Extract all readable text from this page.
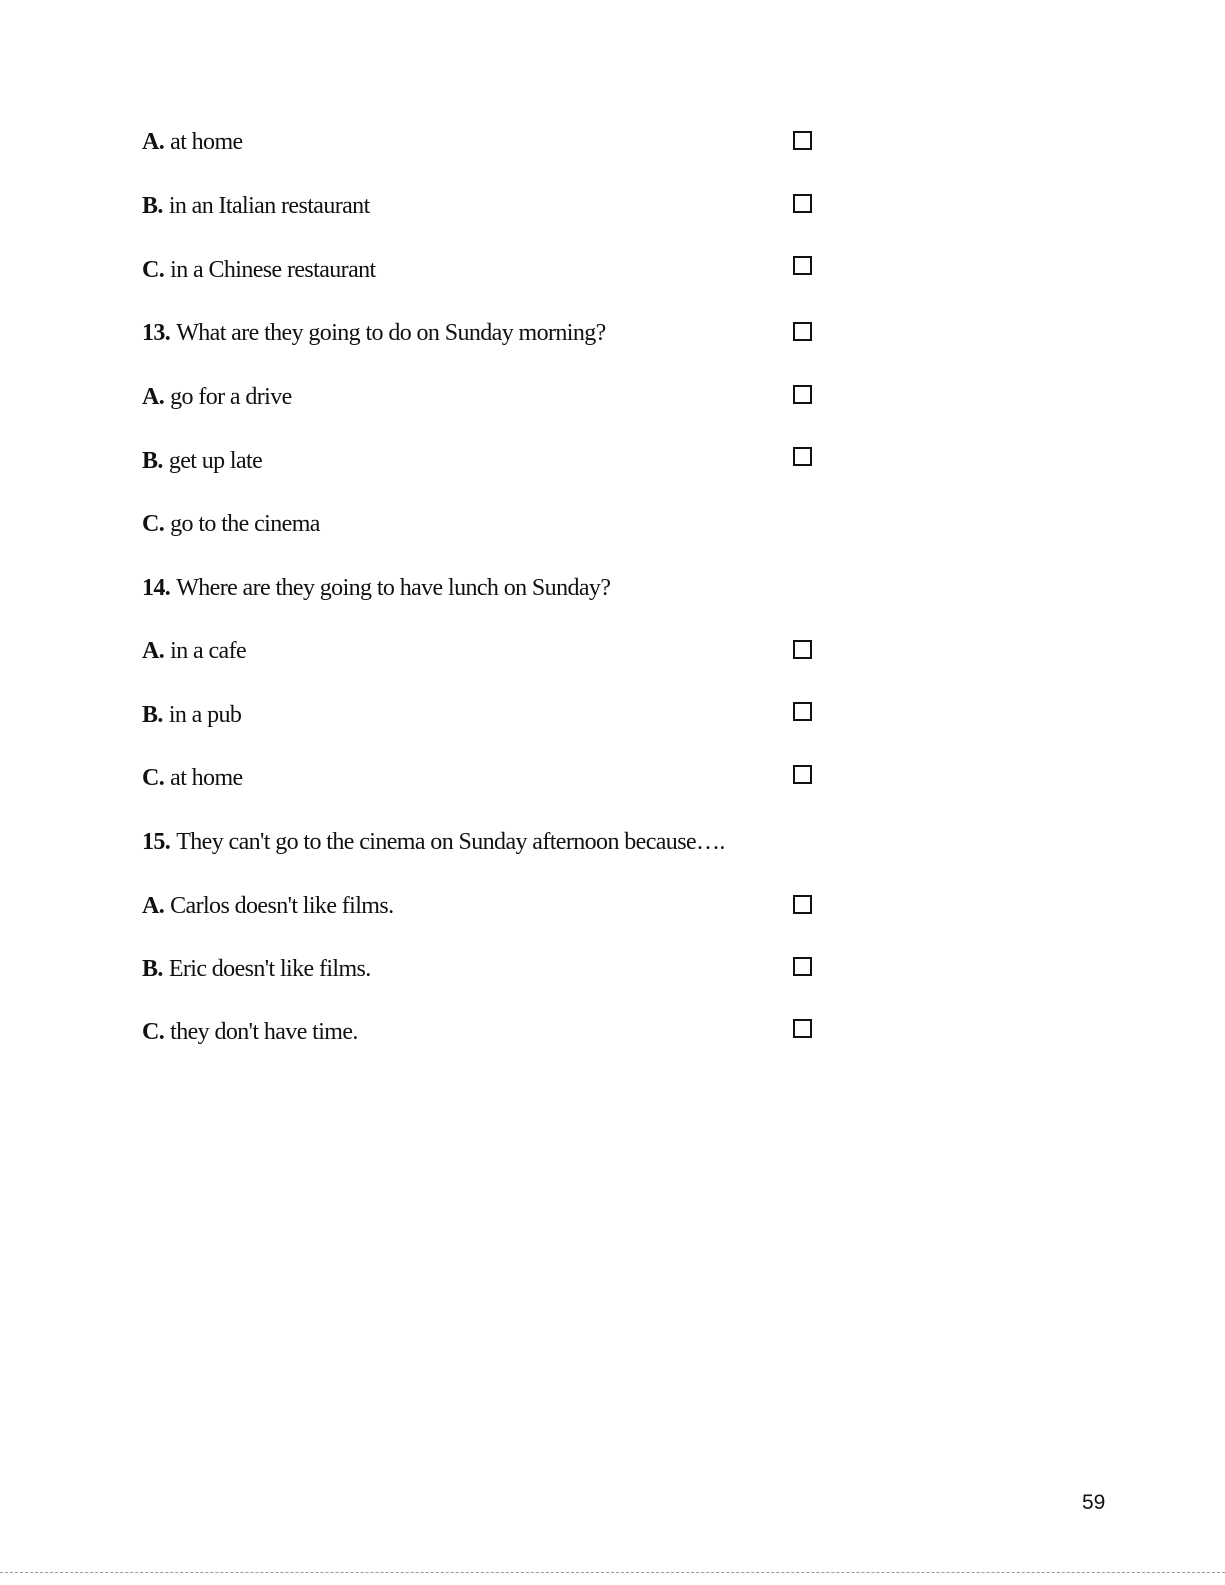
A. at home
B. in an Italian restaurant
C. in a Chinese restaurant
13. What are they going to do on Sunday morning?
A. go for a drive
B. get up late
C. go to the cinema
14. Where are they going to have lunch on Sunday?
A. in a cafe
B. in a pub
C. at home
15. They can't go to the cinema on Sunday afternoon because….
A. Carlos doesn't like films.
B. Eric doesn't like films.
C. they don't have time.
59
